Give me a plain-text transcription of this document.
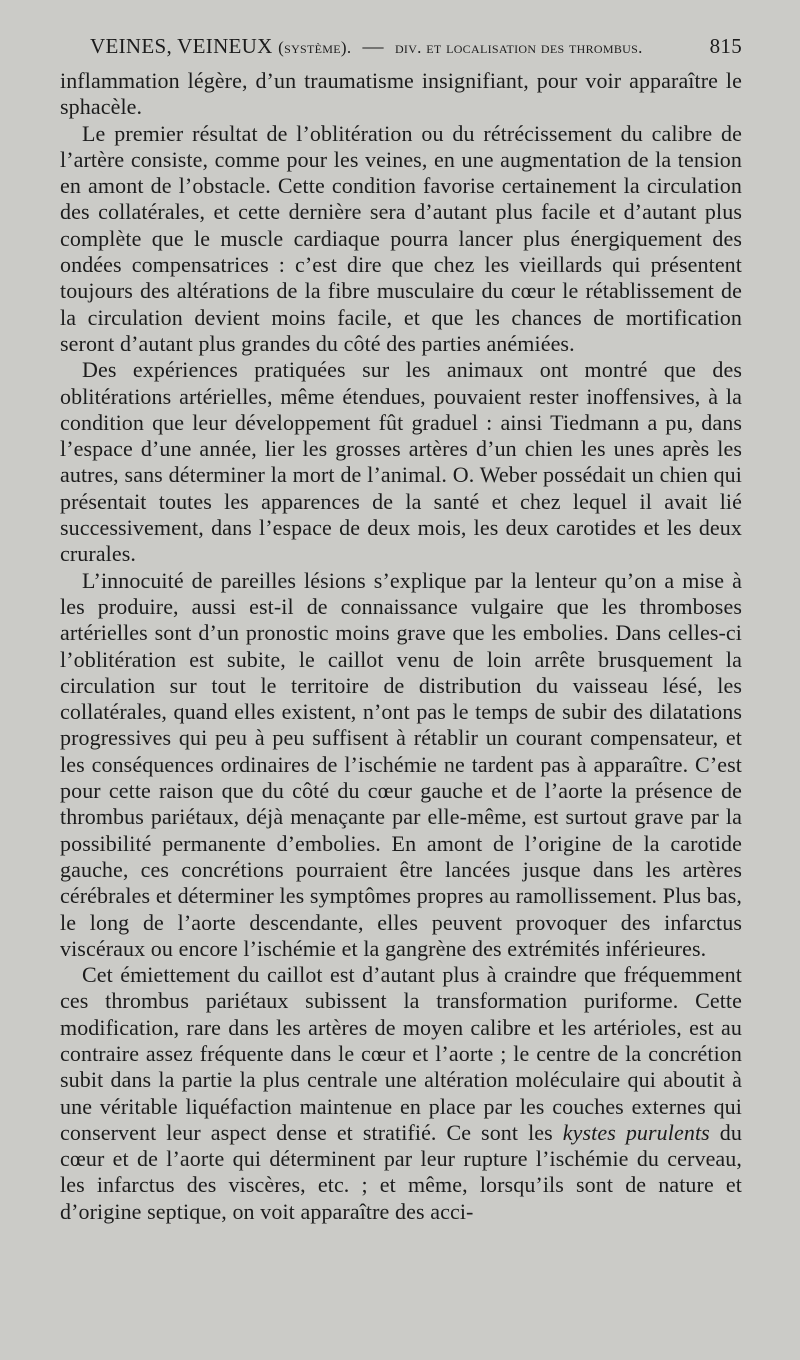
VEINES, VEINEUX (système). — div. et localisation des thrombus.	815

inflammation légère, d’un traumatisme insignifiant, pour voir apparaître le sphacèle.

Le premier résultat de l’oblitération ou du rétrécissement du calibre de l’artère consiste, comme pour les veines, en une augmentation de la tension en amont de l’obstacle. Cette condition favorise certainement la circulation des collatérales, et cette dernière sera d’autant plus facile et d’autant plus complète que le muscle cardiaque pourra lancer plus énergiquement des ondées compensatrices : c’est dire que chez les vieillards qui présentent toujours des altérations de la fibre musculaire du cœur le rétablissement de la circulation devient moins facile, et que les chances de mortification seront d’autant plus grandes du côté des parties anémiées.

Des expériences pratiquées sur les animaux ont montré que des oblitérations artérielles, même étendues, pouvaient rester inoffensives, à la condition que leur développement fût graduel : ainsi Tiedmann a pu, dans l’espace d’une année, lier les grosses artères d’un chien les unes après les autres, sans déterminer la mort de l’animal. O. Weber possédait un chien qui présentait toutes les apparences de la santé et chez lequel il avait lié successivement, dans l’espace de deux mois, les deux carotides et les deux crurales.

L’innocuité de pareilles lésions s’explique par la lenteur qu’on a mise à les produire, aussi est-il de connaissance vulgaire que les thromboses artérielles sont d’un pronostic moins grave que les embolies. Dans celles-ci l’oblitération est subite, le caillot venu de loin arrête brusquement la circulation sur tout le territoire de distribution du vaisseau lésé, les collatérales, quand elles existent, n’ont pas le temps de subir des dilatations progressives qui peu à peu suffisent à rétablir un courant compensateur, et les conséquences ordinaires de l’ischémie ne tardent pas à apparaître. C’est pour cette raison que du côté du cœur gauche et de l’aorte la présence de thrombus pariétaux, déjà menaçante par elle-même, est surtout grave par la possibilité permanente d’embolies. En amont de l’origine de la carotide gauche, ces concrétions pourraient être lancées jusque dans les artères cérébrales et déterminer les symptômes propres au ramollissement. Plus bas, le long de l’aorte descendante, elles peuvent provoquer des infarctus viscéraux ou encore l’ischémie et la gangrène des extrémités inférieures.

Cet émiettement du caillot est d’autant plus à craindre que fréquemment ces thrombus pariétaux subissent la transformation puriforme. Cette modification, rare dans les artères de moyen calibre et les artérioles, est au contraire assez fréquente dans le cœur et l’aorte ; le centre de la concrétion subit dans la partie la plus centrale une altération moléculaire qui aboutit à une véritable liquéfaction maintenue en place par les couches externes qui conservent leur aspect dense et stratifié. Ce sont les kystes purulents du cœur et de l’aorte qui déterminent par leur rupture l’ischémie du cerveau, les infarctus des viscères, etc. ; et même, lorsqu’ils sont de nature et d’origine septique, on voit apparaître des acci-
